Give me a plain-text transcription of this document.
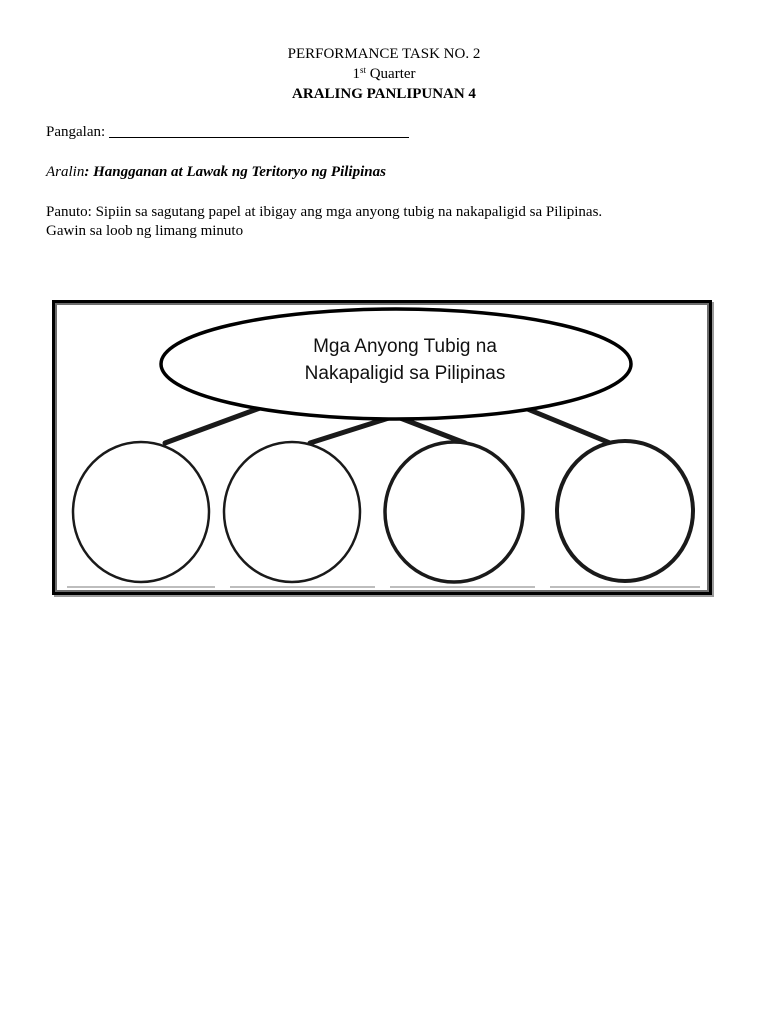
PERFORMANCE TASK NO. 2
1st Quarter
ARALING PANLIPUNAN 4
Pangalan:
Aralin: Hangganan at Lawak ng Teritoryo ng Pilipinas
Panuto: Sipiin sa sagutang papel at ibigay ang mga anyong tubig na nakapaligid sa Pilipinas.
Gawin sa loob ng limang minuto
Mga Anyong Tubig na
Nakapaligid sa Pilipinas
